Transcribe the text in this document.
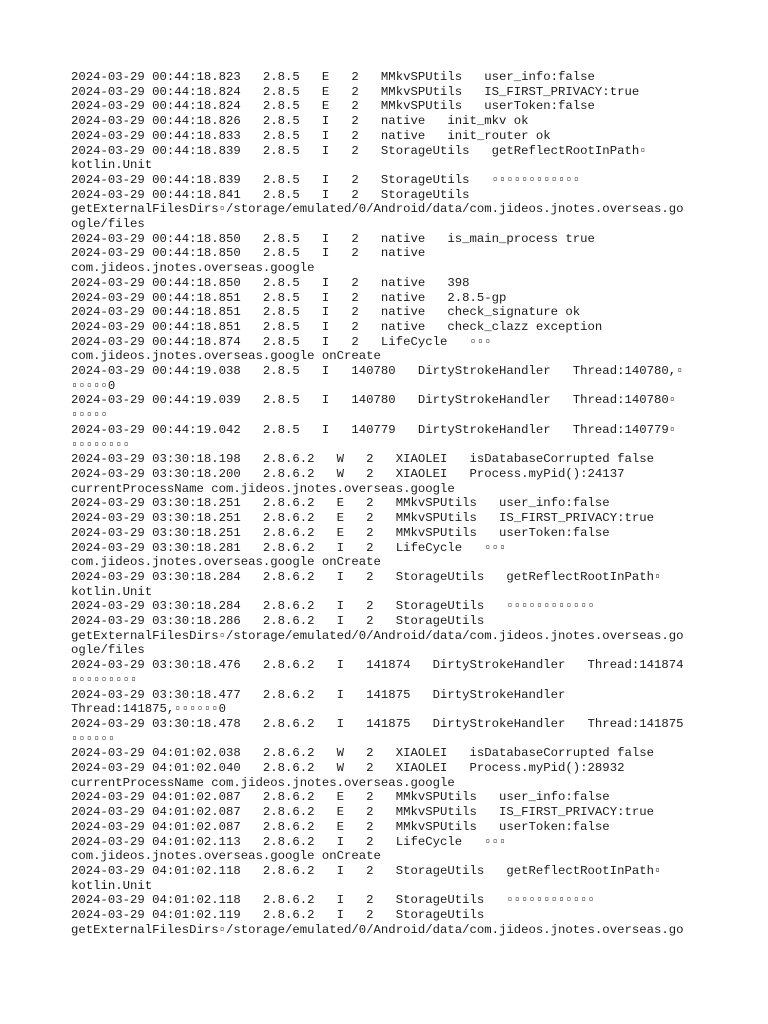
2024-03-29 00:44:18.823   2.8.5   E   2   MMkvSPUtils   user_info:false
2024-03-29 00:44:18.824   2.8.5   E   2   MMkvSPUtils   IS_FIRST_PRIVACY:true
2024-03-29 00:44:18.824   2.8.5   E   2   MMkvSPUtils   userToken:false
2024-03-29 00:44:18.826   2.8.5   I   2   native   init_mkv ok
2024-03-29 00:44:18.833   2.8.5   I   2   native   init_router ok
2024-03-29 00:44:18.839   2.8.5   I   2   StorageUtils   getReflectRootInPath▫
kotlin.Unit
2024-03-29 00:44:18.839   2.8.5   I   2   StorageUtils   ▫▫▫▫▫▫▫▫▫▫▫▫
2024-03-29 00:44:18.841   2.8.5   I   2   StorageUtils
getExternalFilesDirs▫/storage/emulated/0/Android/data/com.jideos.jnotes.overseas.go
ogle/files
2024-03-29 00:44:18.850   2.8.5   I   2   native   is_main_process true
2024-03-29 00:44:18.850   2.8.5   I   2   native
com.jideos.jnotes.overseas.google
2024-03-29 00:44:18.850   2.8.5   I   2   native   398
2024-03-29 00:44:18.851   2.8.5   I   2   native   2.8.5-gp
2024-03-29 00:44:18.851   2.8.5   I   2   native   check_signature ok
2024-03-29 00:44:18.851   2.8.5   I   2   native   check_clazz exception
2024-03-29 00:44:18.874   2.8.5   I   2   LifeCycle   ▫▫▫
com.jideos.jnotes.overseas.google onCreate
2024-03-29 00:44:19.038   2.8.5   I   140780   DirtyStrokeHandler   Thread:140780,▫
▫▫▫▫▫0
2024-03-29 00:44:19.039   2.8.5   I   140780   DirtyStrokeHandler   Thread:140780▫
▫▫▫▫▫
2024-03-29 00:44:19.042   2.8.5   I   140779   DirtyStrokeHandler   Thread:140779▫
▫▫▫▫▫▫▫▫
2024-03-29 03:30:18.198   2.8.6.2   W   2   XIAOLEI   isDatabaseCorrupted false
2024-03-29 03:30:18.200   2.8.6.2   W   2   XIAOLEI   Process.myPid():24137
currentProcessName com.jideos.jnotes.overseas.google
2024-03-29 03:30:18.251   2.8.6.2   E   2   MMkvSPUtils   user_info:false
2024-03-29 03:30:18.251   2.8.6.2   E   2   MMkvSPUtils   IS_FIRST_PRIVACY:true
2024-03-29 03:30:18.251   2.8.6.2   E   2   MMkvSPUtils   userToken:false
2024-03-29 03:30:18.281   2.8.6.2   I   2   LifeCycle   ▫▫▫
com.jideos.jnotes.overseas.google onCreate
2024-03-29 03:30:18.284   2.8.6.2   I   2   StorageUtils   getReflectRootInPath▫
kotlin.Unit
2024-03-29 03:30:18.284   2.8.6.2   I   2   StorageUtils   ▫▫▫▫▫▫▫▫▫▫▫▫
2024-03-29 03:30:18.286   2.8.6.2   I   2   StorageUtils
getExternalFilesDirs▫/storage/emulated/0/Android/data/com.jideos.jnotes.overseas.go
ogle/files
2024-03-29 03:30:18.476   2.8.6.2   I   141874   DirtyStrokeHandler   Thread:141874
▫▫▫▫▫▫▫▫▫
2024-03-29 03:30:18.477   2.8.6.2   I   141875   DirtyStrokeHandler
Thread:141875,▫▫▫▫▫▫0
2024-03-29 03:30:18.478   2.8.6.2   I   141875   DirtyStrokeHandler   Thread:141875
▫▫▫▫▫▫
2024-03-29 04:01:02.038   2.8.6.2   W   2   XIAOLEI   isDatabaseCorrupted false
2024-03-29 04:01:02.040   2.8.6.2   W   2   XIAOLEI   Process.myPid():28932
currentProcessName com.jideos.jnotes.overseas.google
2024-03-29 04:01:02.087   2.8.6.2   E   2   MMkvSPUtils   user_info:false
2024-03-29 04:01:02.087   2.8.6.2   E   2   MMkvSPUtils   IS_FIRST_PRIVACY:true
2024-03-29 04:01:02.087   2.8.6.2   E   2   MMkvSPUtils   userToken:false
2024-03-29 04:01:02.113   2.8.6.2   I   2   LifeCycle   ▫▫▫
com.jideos.jnotes.overseas.google onCreate
2024-03-29 04:01:02.118   2.8.6.2   I   2   StorageUtils   getReflectRootInPath▫
kotlin.Unit
2024-03-29 04:01:02.118   2.8.6.2   I   2   StorageUtils   ▫▫▫▫▫▫▫▫▫▫▫▫
2024-03-29 04:01:02.119   2.8.6.2   I   2   StorageUtils
getExternalFilesDirs▫/storage/emulated/0/Android/data/com.jideos.jnotes.overseas.go
